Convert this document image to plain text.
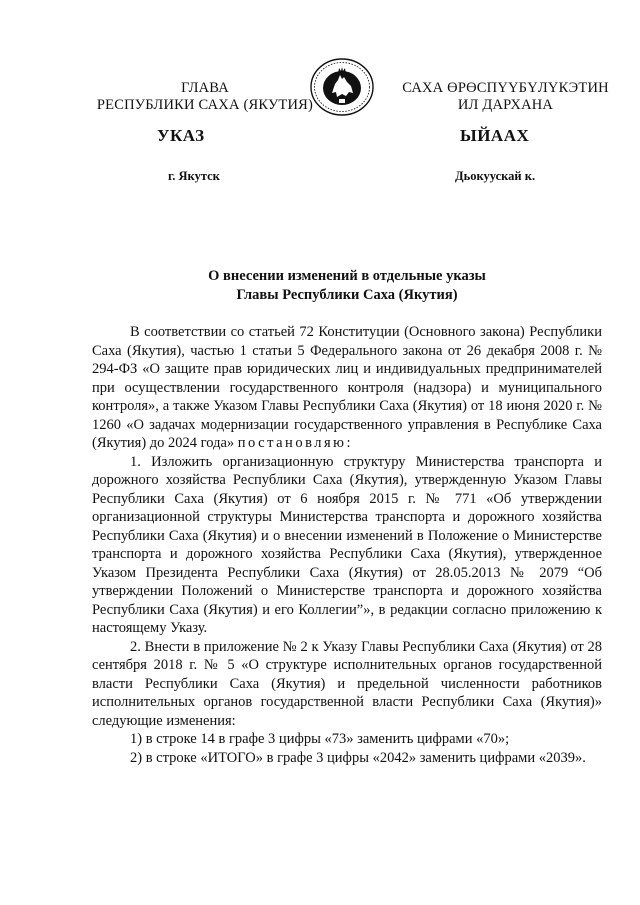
ГЛАВА
РЕСПУБЛИКИ САХА (ЯКУТИЯ)
САХА ӨРӨСПҮҮБҮЛҮКЭТИН
ИЛ ДАРХАНА
УКАЗ	ЫЙААХ
г. Якутск	Дьокуускай к.
О внесении изменений в отдельные указы
Главы Республики Саха (Якутия)

В соответствии со статьей 72 Конституции (Основного закона) Республики Саха (Якутия), частью 1 статьи 5 Федерального закона от 26 декабря 2008 г. № 294-ФЗ «О защите прав юридических лиц и индивидуальных предпринимателей при осуществлении государственного контроля (надзора) и муниципального контроля», а также Указом Главы Республики Саха (Якутия) от 18 июня 2020 г. № 1260 «О задачах модернизации государственного управления в Республике Саха (Якутия) до 2024 года» постановляю:

1. Изложить организационную структуру Министерства транспорта и дорожного хозяйства Республики Саха (Якутия), утвержденную Указом Главы Республики Саха (Якутия) от 6 ноября 2015 г. № 771 «Об утверждении организационной структуры Министерства транспорта и дорожного хозяйства Республики Саха (Якутия) и о внесении изменений в Положение о Министерстве транспорта и дорожного хозяйства Республики Саха (Якутия), утвержденное Указом Президента Республики Саха (Якутия) от 28.05.2013 № 2079 “Об утверждении Положений о Министерстве транспорта и дорожного хозяйства Республики Саха (Якутия) и его Коллегии”», в редакции согласно приложению к настоящему Указу.

2. Внести в приложение № 2 к Указу Главы Республики Саха (Якутия) от 28 сентября 2018 г. № 5 «О структуре исполнительных органов государственной власти Республики Саха (Якутия) и предельной численности работников исполнительных органов государственной власти Республики Саха (Якутия)» следующие изменения:

1) в строке 14 в графе 3 цифры «73» заменить цифрами «70»;

2) в строке «ИТОГО» в графе 3 цифры «2042» заменить цифрами «2039».
